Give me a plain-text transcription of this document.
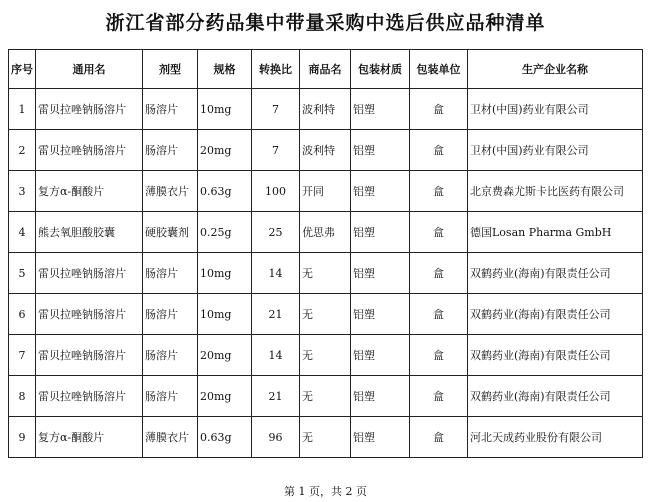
浙江省部分药品集中带量采购中选后供应品种清单
序号	通用名	剂型	规格	转换比	商品名	包装材质	包装单位	生产企业名称
1	雷贝拉唑钠肠溶片	肠溶片	10mg	7	波利特	铝塑	盒	卫材(中国)药业有限公司
2	雷贝拉唑钠肠溶片	肠溶片	20mg	7	波利特	铝塑	盒	卫材(中国)药业有限公司
3	复方α-酮酸片	薄膜衣片	0.63g	100	开同	铝塑	盒	北京费森尤斯卡比医药有限公司
4	熊去氧胆酸胶囊	硬胶囊剂	0.25g	25	优思弗	铝塑	盒	德国Losan Pharma GmbH
5	雷贝拉唑钠肠溶片	肠溶片	10mg	14	无	铝塑	盒	双鹤药业(海南)有限责任公司
6	雷贝拉唑钠肠溶片	肠溶片	10mg	21	无	铝塑	盒	双鹤药业(海南)有限责任公司
7	雷贝拉唑钠肠溶片	肠溶片	20mg	14	无	铝塑	盒	双鹤药业(海南)有限责任公司
8	雷贝拉唑钠肠溶片	肠溶片	20mg	21	无	铝塑	盒	双鹤药业(海南)有限责任公司
9	复方α-酮酸片	薄膜衣片	0.63g	96	无	铝塑	盒	河北天成药业股份有限公司
第 1 页，共 2 页
